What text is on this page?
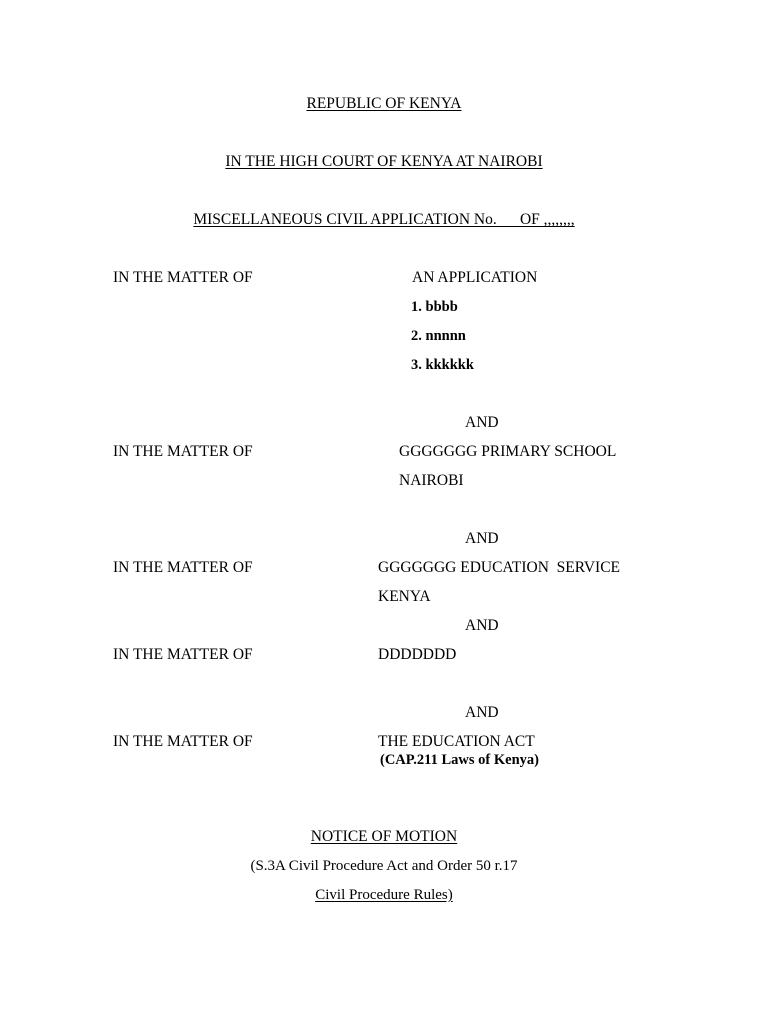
REPUBLIC OF KENYA
IN THE HIGH COURT OF KENYA AT NAIROBI
MISCELLANEOUS CIVIL APPLICATION No.      OF ,,,,,,,,
IN THE MATTER OF	AN APPLICATION
1. bbbb
2. nnnnn
3. kkkkkk
AND
IN THE MATTER OF	GGGGGGG PRIMARY SCHOOL
NAIROBI
AND
IN THE MATTER OF	GGGGGGG EDUCATION  SERVICE
KENYA
AND
IN THE MATTER OF	DDDDDDD
AND
IN THE MATTER OF	THE EDUCATION ACT
(CAP.211 Laws of Kenya)
NOTICE OF MOTION
(S.3A Civil Procedure Act and Order 50 r.17
Civil Procedure Rules)
